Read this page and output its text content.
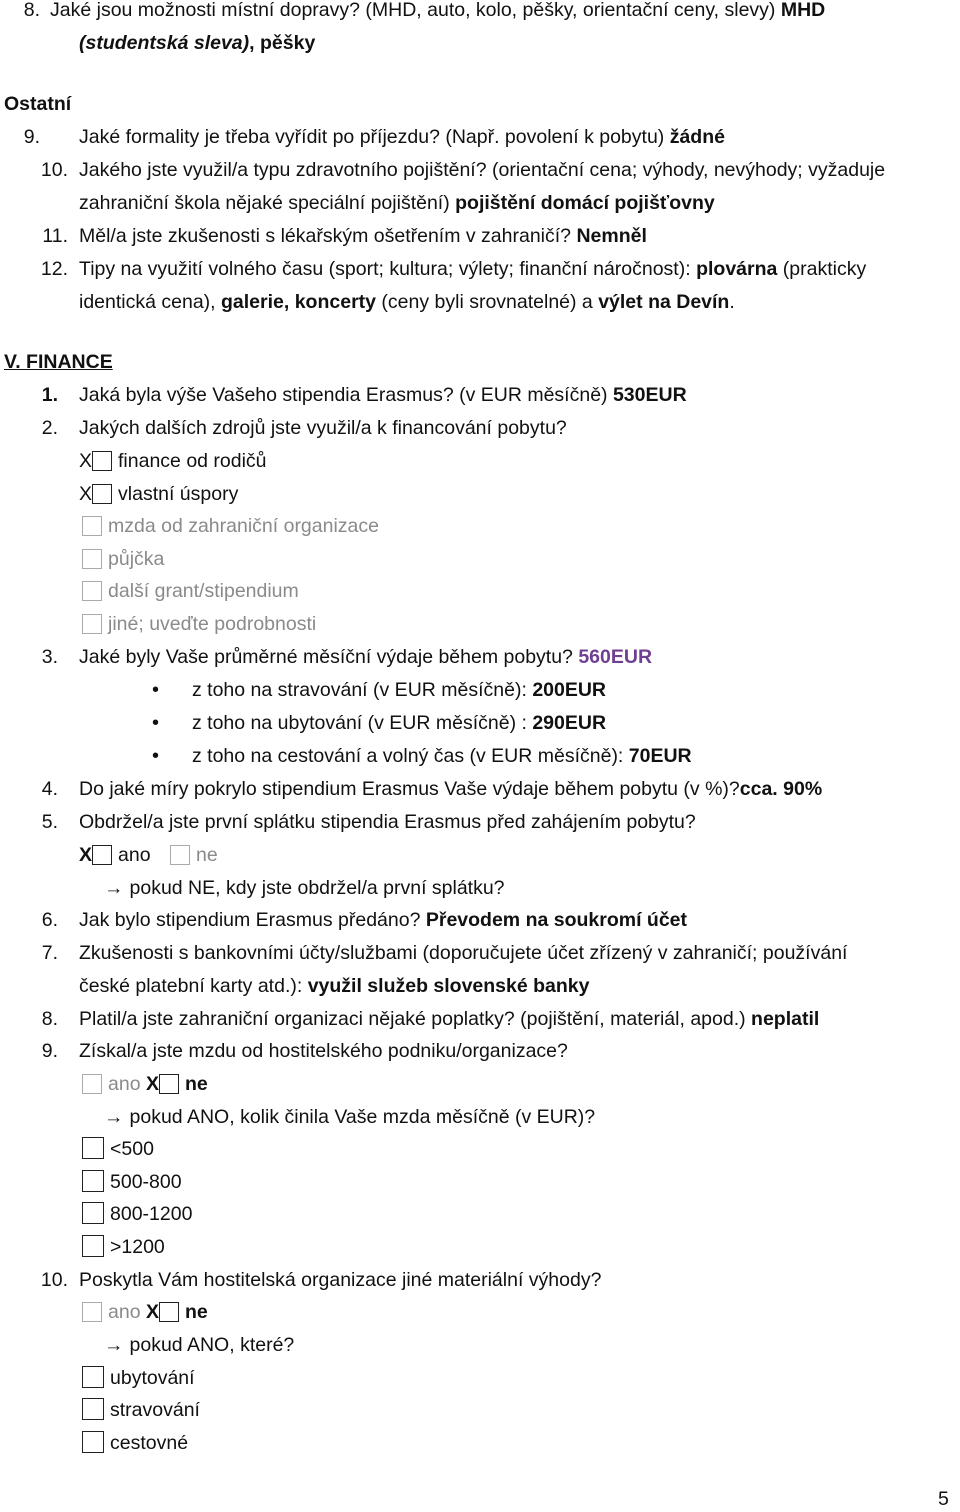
8. Jaké jsou možnosti místní dopravy? (MHD, auto, kolo, pěšky, orientační ceny, slevy) MHD
(studentská sleva), pěšky
Ostatní
9. Jaké formality je třeba vyřídit po příjezdu? (Např. povolení k pobytu) žádné
10. Jakého jste využil/a typu zdravotního pojištění? (orientační cena; výhody, nevýhody; vyžaduje
zahraniční škola nějaké speciální pojištění) pojištění domácí pojišťovny
11. Měl/a jste zkušenosti s lékařským ošetřením v zahraničí? Nemněl
12. Tipy na využití volného času (sport; kultura; výlety; finanční náročnost): plovárna (prakticky
identická cena), galerie, koncerty (ceny byli srovnatelné) a výlet na Devín.
V. FINANCE
1. Jaká byla výše Vašeho stipendia Erasmus? (v EUR měsíčně) 530EUR
2. Jakých dalších zdrojů jste využil/a k financování pobytu?
X finance od rodičů
X vlastní úspory
mzda od zahraniční organizace
půjčka
další grant/stipendium
jiné; uveďte podrobnosti
3. Jaké byly Vaše průměrné měsíční výdaje během pobytu? 560EUR
• z toho na stravování (v EUR měsíčně): 200EUR
• z toho na ubytování (v EUR měsíčně) : 290EUR
• z toho na cestování a volný čas (v EUR měsíčně): 70EUR
4. Do jaké míry pokrylo stipendium Erasmus Vaše výdaje během pobytu (v %)?cca. 90%
5. Obdržel/a jste první splátku stipendia Erasmus před zahájením pobytu?
X ano ne
→ pokud NE, kdy jste obdržel/a první splátku?
6. Jak bylo stipendium Erasmus předáno? Převodem na soukromí účet
7. Zkušenosti s bankovními účty/službami (doporučujete účet zřízený v zahraničí; používání
české platební karty atd.): využil služeb slovenské banky
8. Platil/a jste zahraniční organizaci nějaké poplatky? (pojištění, materiál, apod.) neplatil
9. Získal/a jste mzdu od hostitelského podniku/organizace?
ano X ne
→ pokud ANO, kolik činila Vaše mzda měsíčně (v EUR)?
<500
500-800
800-1200
>1200
10. Poskytla Vám hostitelská organizace jiné materiální výhody?
ano X ne
→ pokud ANO, které?
ubytování
stravování
cestovné
5
